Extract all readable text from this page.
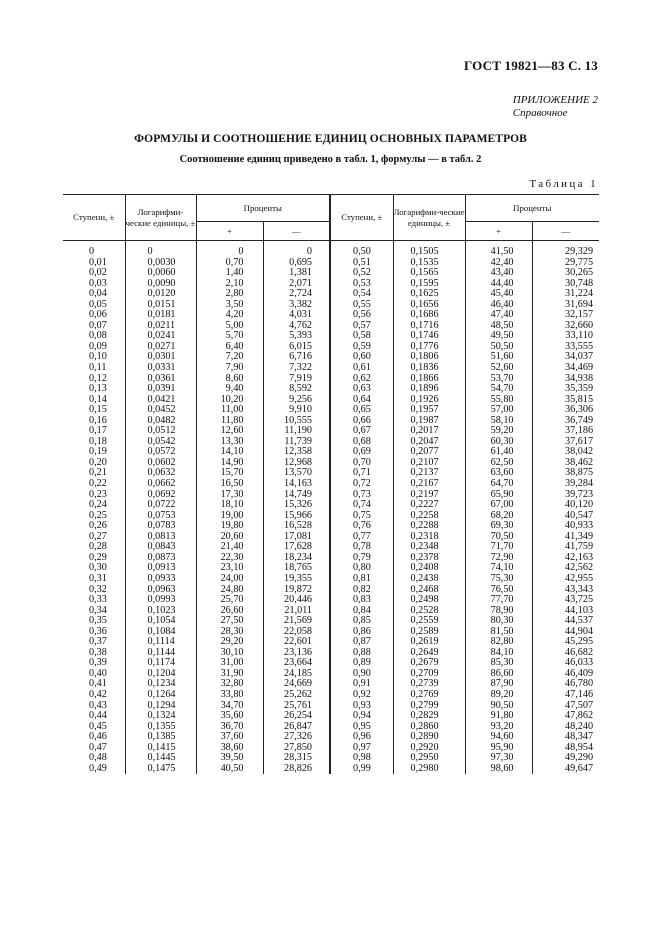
ГОСТ 19821—83 С. 13
ПРИЛОЖЕНИЕ 2
Справочное
ФОРМУЛЫ И СООТНОШЕНИЕ ЕДИНИЦ ОСНОВНЫХ ПАРАМЕТРОВ
Соотношение единиц приведено в табл. 1, формулы — в табл. 2
Таблица 1
Ступени, ±	Логарифми-ческие единицы, ±	Проценты		Ступени, ±	Логарифми-ческие единицы, ±	Проценты	
		+	—			+	—
0	0	0	0	0,50	0,1505	41,50	29,329
0,01	0,0030	0,70	0,695	0,51	0,1535	42,40	29,775
0,02	0,0060	1,40	1,381	0,52	0,1565	43,40	30,265
0,03	0,0090	2,10	2,071	0,53	0,1595	44,40	30,748
0,04	0,0120	2,80	2,724	0,54	0,1625	45,40	31,224
0,05	0,0151	3,50	3,382	0,55	0,1656	46,40	31,694
0,06	0,0181	4,20	4,031	0,56	0,1686	47,40	32,157
0,07	0,0211	5,00	4,762	0,57	0,1716	48,50	32,660
0,08	0,0241	5,70	5,393	0,58	0,1746	49,50	33,110
0,09	0,0271	6,40	6,015	0,59	0,1776	50,50	33,555
0,10	0,0301	7,20	6,716	0,60	0,1806	51,60	34,037
0,11	0,0331	7,90	7,322	0,61	0,1836	52,60	34,469
0,12	0,0361	8,60	7,919	0,62	0,1866	53,70	34,938
0,13	0,0391	9,40	8,592	0,63	0,1896	54,70	35,359
0,14	0,0421	10,20	9,256	0,64	0,1926	55,80	35,815
0,15	0,0452	11,00	9,910	0,65	0,1957	57,00	36,306
0,16	0,0482	11,80	10,555	0,66	0,1987	58,10	36,749
0,17	0,0512	12,60	11,190	0,67	0,2017	59,20	37,186
0,18	0,0542	13,30	11,739	0,68	0,2047	60,30	37,617
0,19	0,0572	14,10	12,358	0,69	0,2077	61,40	38,042
0,20	0,0602	14,90	12,968	0,70	0,2107	62,50	38,462
0,21	0,0632	15,70	13,570	0,71	0,2137	63,60	38,875
0,22	0,0662	16,50	14,163	0,72	0,2167	64,70	39,284
0,23	0,0692	17,30	14,749	0,73	0,2197	65,90	39,723
0,24	0,0722	18,10	15,326	0,74	0,2227	67,00	40,120
0,25	0,0753	19,00	15,966	0,75	0,2258	68,20	40,547
0,26	0,0783	19,80	16,528	0,76	0,2288	69,30	40,933
0,27	0,0813	20,60	17,081	0,77	0,2318	70,50	41,349
0,28	0,0843	21,40	17,628	0,78	0,2348	71,70	41,759
0,29	0,0873	22,30	18,234	0,79	0,2378	72,90	42,163
0,30	0,0913	23,10	18,765	0,80	0,2408	74,10	42,562
0,31	0,0933	24,00	19,355	0,81	0,2438	75,30	42,955
0,32	0,0963	24,80	19,872	0,82	0,2468	76,50	43,343
0,33	0,0993	25,70	20,446	0,83	0,2498	77,70	43,725
0,34	0,1023	26,60	21,011	0,84	0,2528	78,90	44,103
0,35	0,1054	27,50	21,569	0,85	0,2559	80,30	44,537
0,36	0,1084	28,30	22,058	0,86	0,2589	81,50	44,904
0,37	0,1114	29,20	22,601	0,87	0,2619	82,80	45,295
0,38	0,1144	30,10	23,136	0,88	0,2649	84,10	46,682
0,39	0,1174	31,00	23,664	0,89	0,2679	85,30	46,033
0,40	0,1204	31,90	24,185	0,90	0,2709	86,60	46,409
0,41	0,1234	32,80	24,669	0,91	0,2739	87,90	46,780
0,42	0,1264	33,80	25,262	0,92	0,2769	89,20	47,146
0,43	0,1294	34,70	25,761	0,93	0,2799	90,50	47,507
0,44	0,1324	35,60	26,254	0,94	0,2829	91,80	47,862
0,45	0,1355	36,70	26,847	0,95	0,2860	93,20	48,240
0,46	0,1385	37,60	27,326	0,96	0,2890	94,60	48,347
0,47	0,1415	38,60	27,850	0,97	0,2920	95,90	48,954
0,48	0,1445	39,50	28,315	0,98	0,2950	97,30	49,290
0,49	0,1475	40,50	28,826	0,99	0,2980	98,60	49,647
